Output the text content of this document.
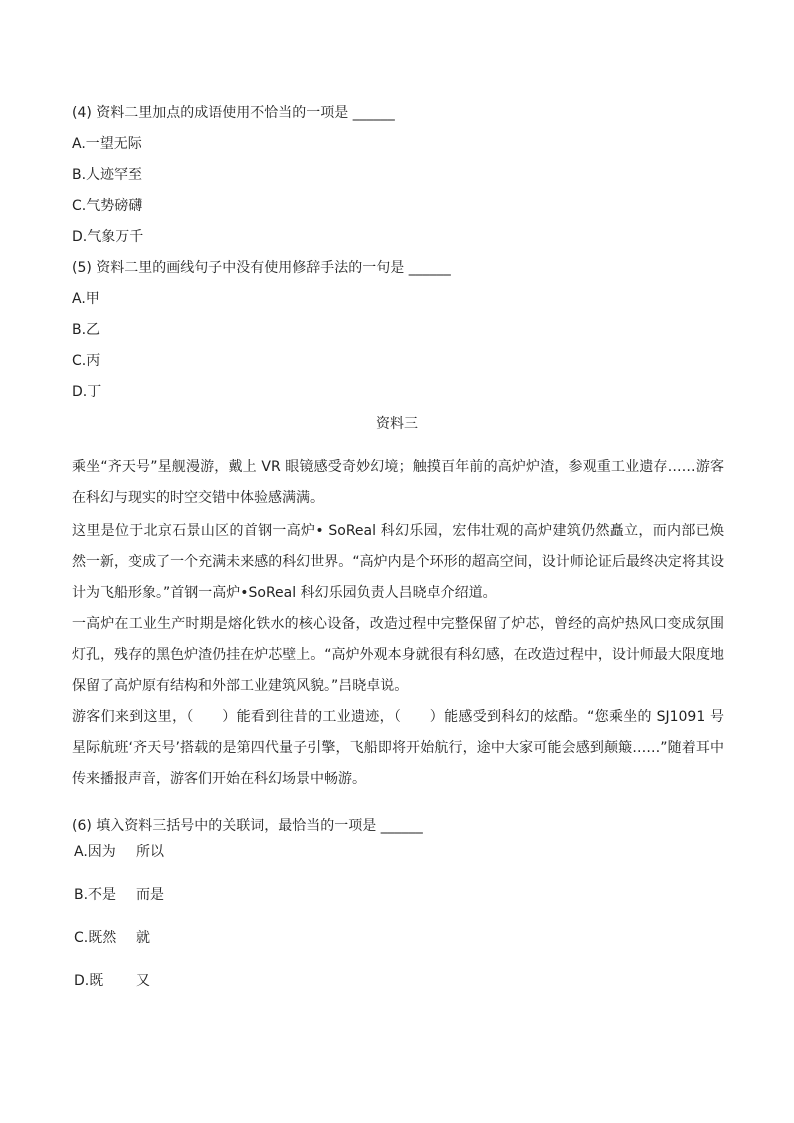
(4) 资料二里加点的成语使用不恰当的一项是 ______
A.一望无际
B.人迹罕至
C.气势磅礴
D.气象万千
(5) 资料二里的画线句子中没有使用修辞手法的一句是 ______
A.甲
B.乙
C.丙
D.丁
资料三
乘坐“齐天号”星舰漫游，戴上 VR 眼镜感受奇妙幻境；触摸百年前的高炉炉渣，参观重工业遗存……游客在科幻与现实的时空交错中体验感满满。
这里是位于北京石景山区的首钢一高炉• SoReal 科幻乐园，宏伟壮观的高炉建筑仍然矗立，而内部已焕然一新，变成了一个充满未来感的科幻世界。“高炉内是个环形的超高空间，设计师论证后最终决定将其设计为飞船形象。”首钢一高炉•SoReal 科幻乐园负责人吕晓卓介绍道。
一高炉在工业生产时期是熔化铁水的核心设备，改造过程中完整保留了炉芯，曾经的高炉热风口变成氛围灯孔，残存的黑色炉渣仍挂在炉芯壁上。“高炉外观本身就很有科幻感，在改造过程中，设计师最大限度地保留了高炉原有结构和外部工业建筑风貌。”吕晓卓说。
游客们来到这里，（　　）能看到往昔的工业遗迹，（　　）能感受到科幻的炫酷。“您乘坐的 SJ1091 号星际航班‘齐天号’搭载的是第四代量子引擎，飞船即将开始航行，途中大家可能会感到颠簸……”随着耳中传来播报声音，游客们开始在科幻场景中畅游。
(6) 填入资料三括号中的关联词，最恰当的一项是 ______
A.因为 所以
B.不是 而是
C.既然 就
D.既 又
